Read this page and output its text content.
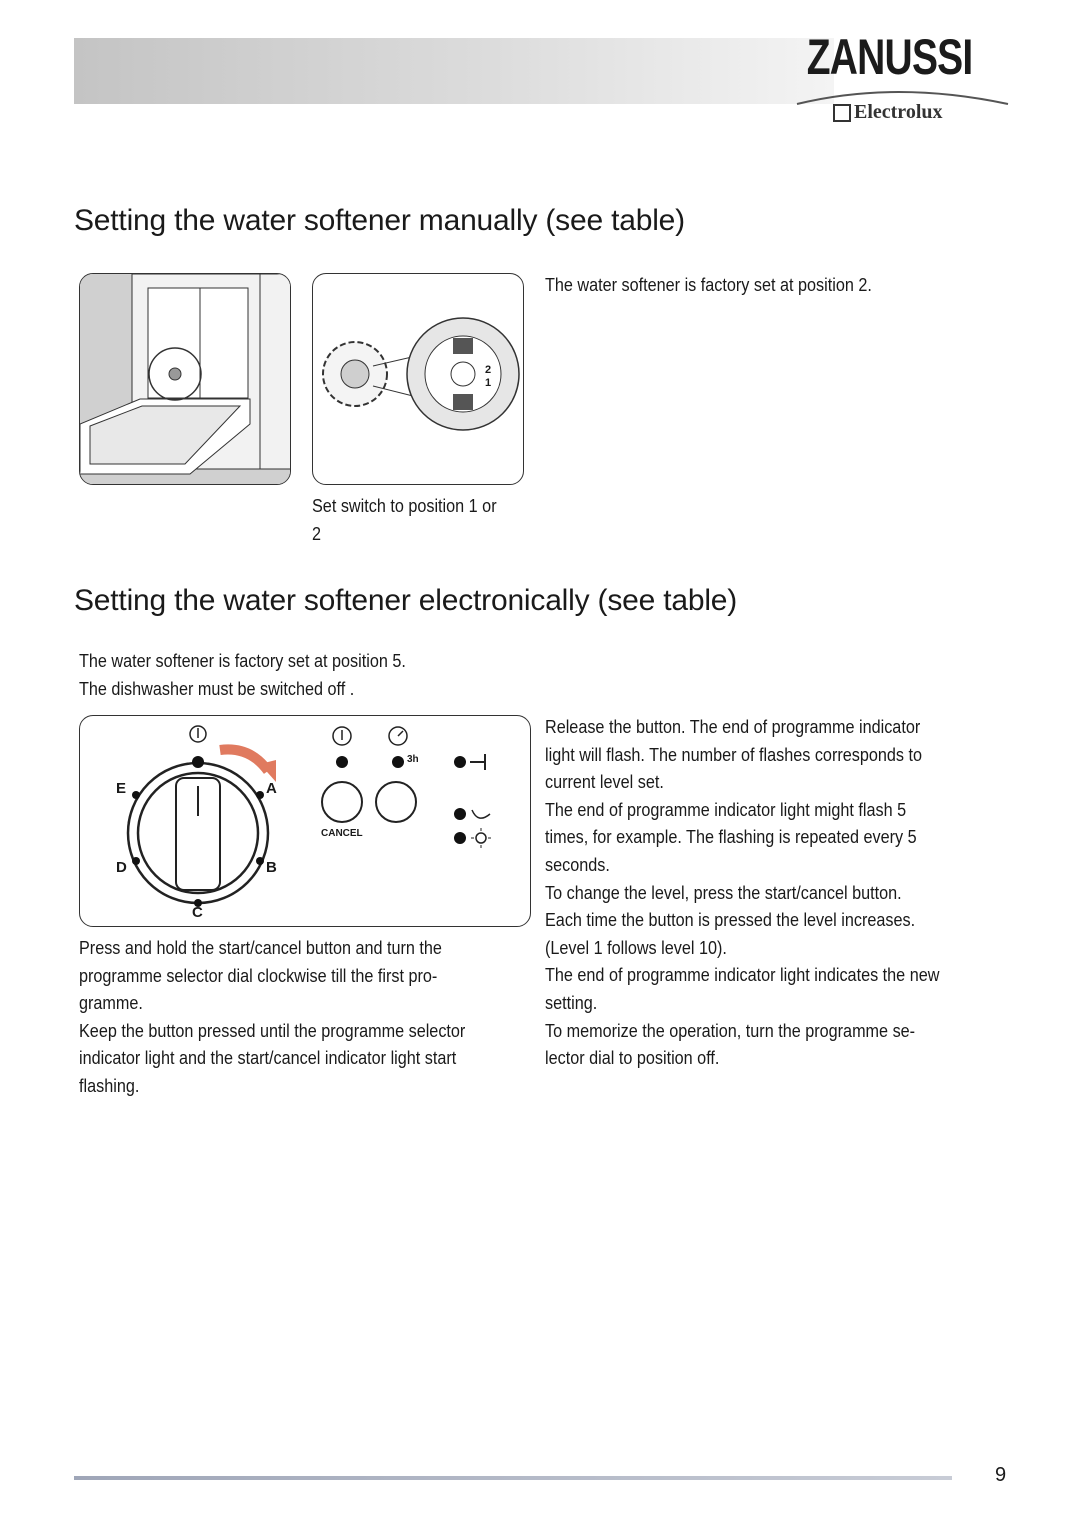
ZANUSSI
Electrolux
Setting the water softener manually (see table)
2
1

The water softener is factory set at position 2.

Set switch to position 1 or
2

Setting the water softener electronically (see table)

The water softener is factory set at position 5.
The dishwasher must be switched off .

E	A
D	B
C
CANCEL
3h

Press and hold the start/cancel button and turn the
programme selector dial clockwise till the first pro-
gramme.

Keep the button pressed until the programme selector
indicator light and the start/cancel indicator light start
flashing.

Release the button. The end of programme indicator
light will flash. The number of flashes corresponds to
current level set.

The end of programme indicator light might flash 5
times, for example. The flashing is repeated every 5
seconds.

To change the level, press the start/cancel button.
Each time the button is pressed the level increases.
(Level 1 follows level 10).

The end of programme indicator light indicates the new
setting.

To memorize the operation, turn the programme se-
lector dial to position off.

9
